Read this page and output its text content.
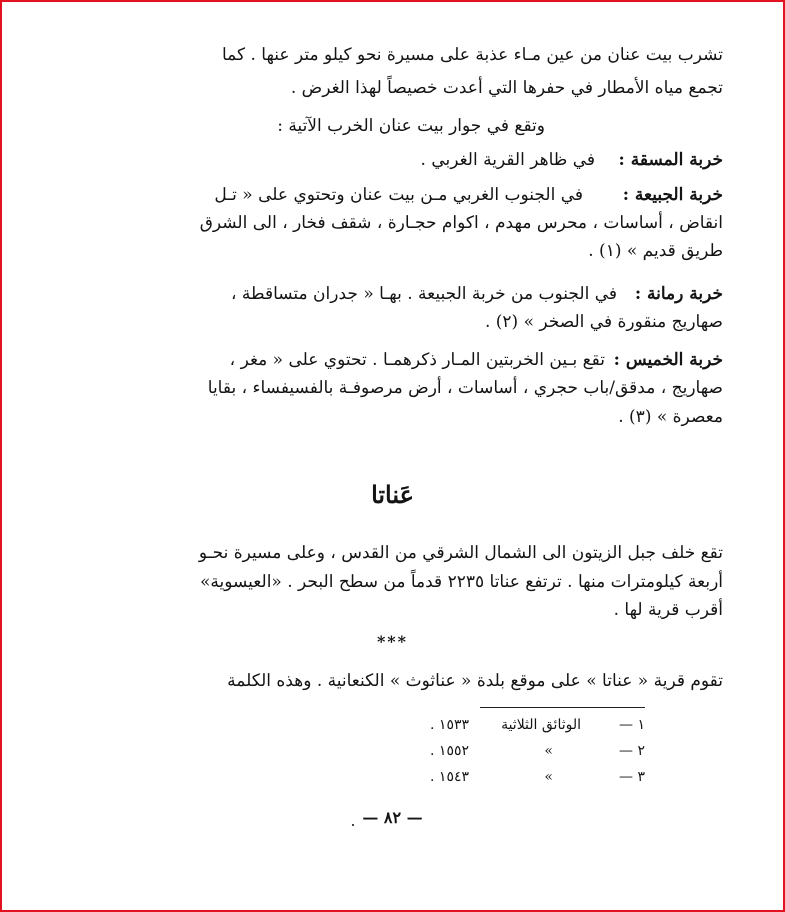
تشرب بيت عنان من عين مـاء عذبة على مسيرة نحو كيلو متر عنها . كما
تجمع مياه الأمطار في حفرها التي أعدت خصيصاً لهذا الغرض .
وتقع في جوار بيت عنان الخرب الآتية :
خربة المسقة :
في ظاهر القرية الغربي .
خربة الجبيعة :
في الجنوب الغربي مـن بيت عنان وتحتوي على « تـل
انقاض ، أساسات ، محرس مهدم ، اكوام حجـارة ، شقف فخار ، الى الشرق
طريق قديم » (١) .
خربة رمانة :
في الجنوب من خربة الجبيعة . بهـا « جدران متساقطة ،
صهاريج منقورة في الصخر » (٢) .
خربة الخميس :
تقع بـين الخربتين المـار ذكرهمـا . تحتوي على « مغر ،
صهاريج ، مدقق/باب حجري ، أساسات ، أرض مرصوفـة بالفسيفساء ، بقايا
معصرة » (٣) .
عَناتا
تقع خلف جبل الزيتون الى الشمال الشرقي من القدس ، وعلى مسيرة نحـو
أربعة كيلومترات منها . ترتفع عناتا ٢٢٣٥ قدماً من سطح البحر . «العيسوية»
أقرب قرية لها .
***
تقوم قرية « عناتا » على موقع بلدة « عناثوث » الكنعانية . وهذه الكلمة
١ —
الوثائق الثلاثية
١٥٣٣ .
٢ —
»
١٥٥٢ .
٣ —
»
١٥٤٣ .
— ٨٢ —
